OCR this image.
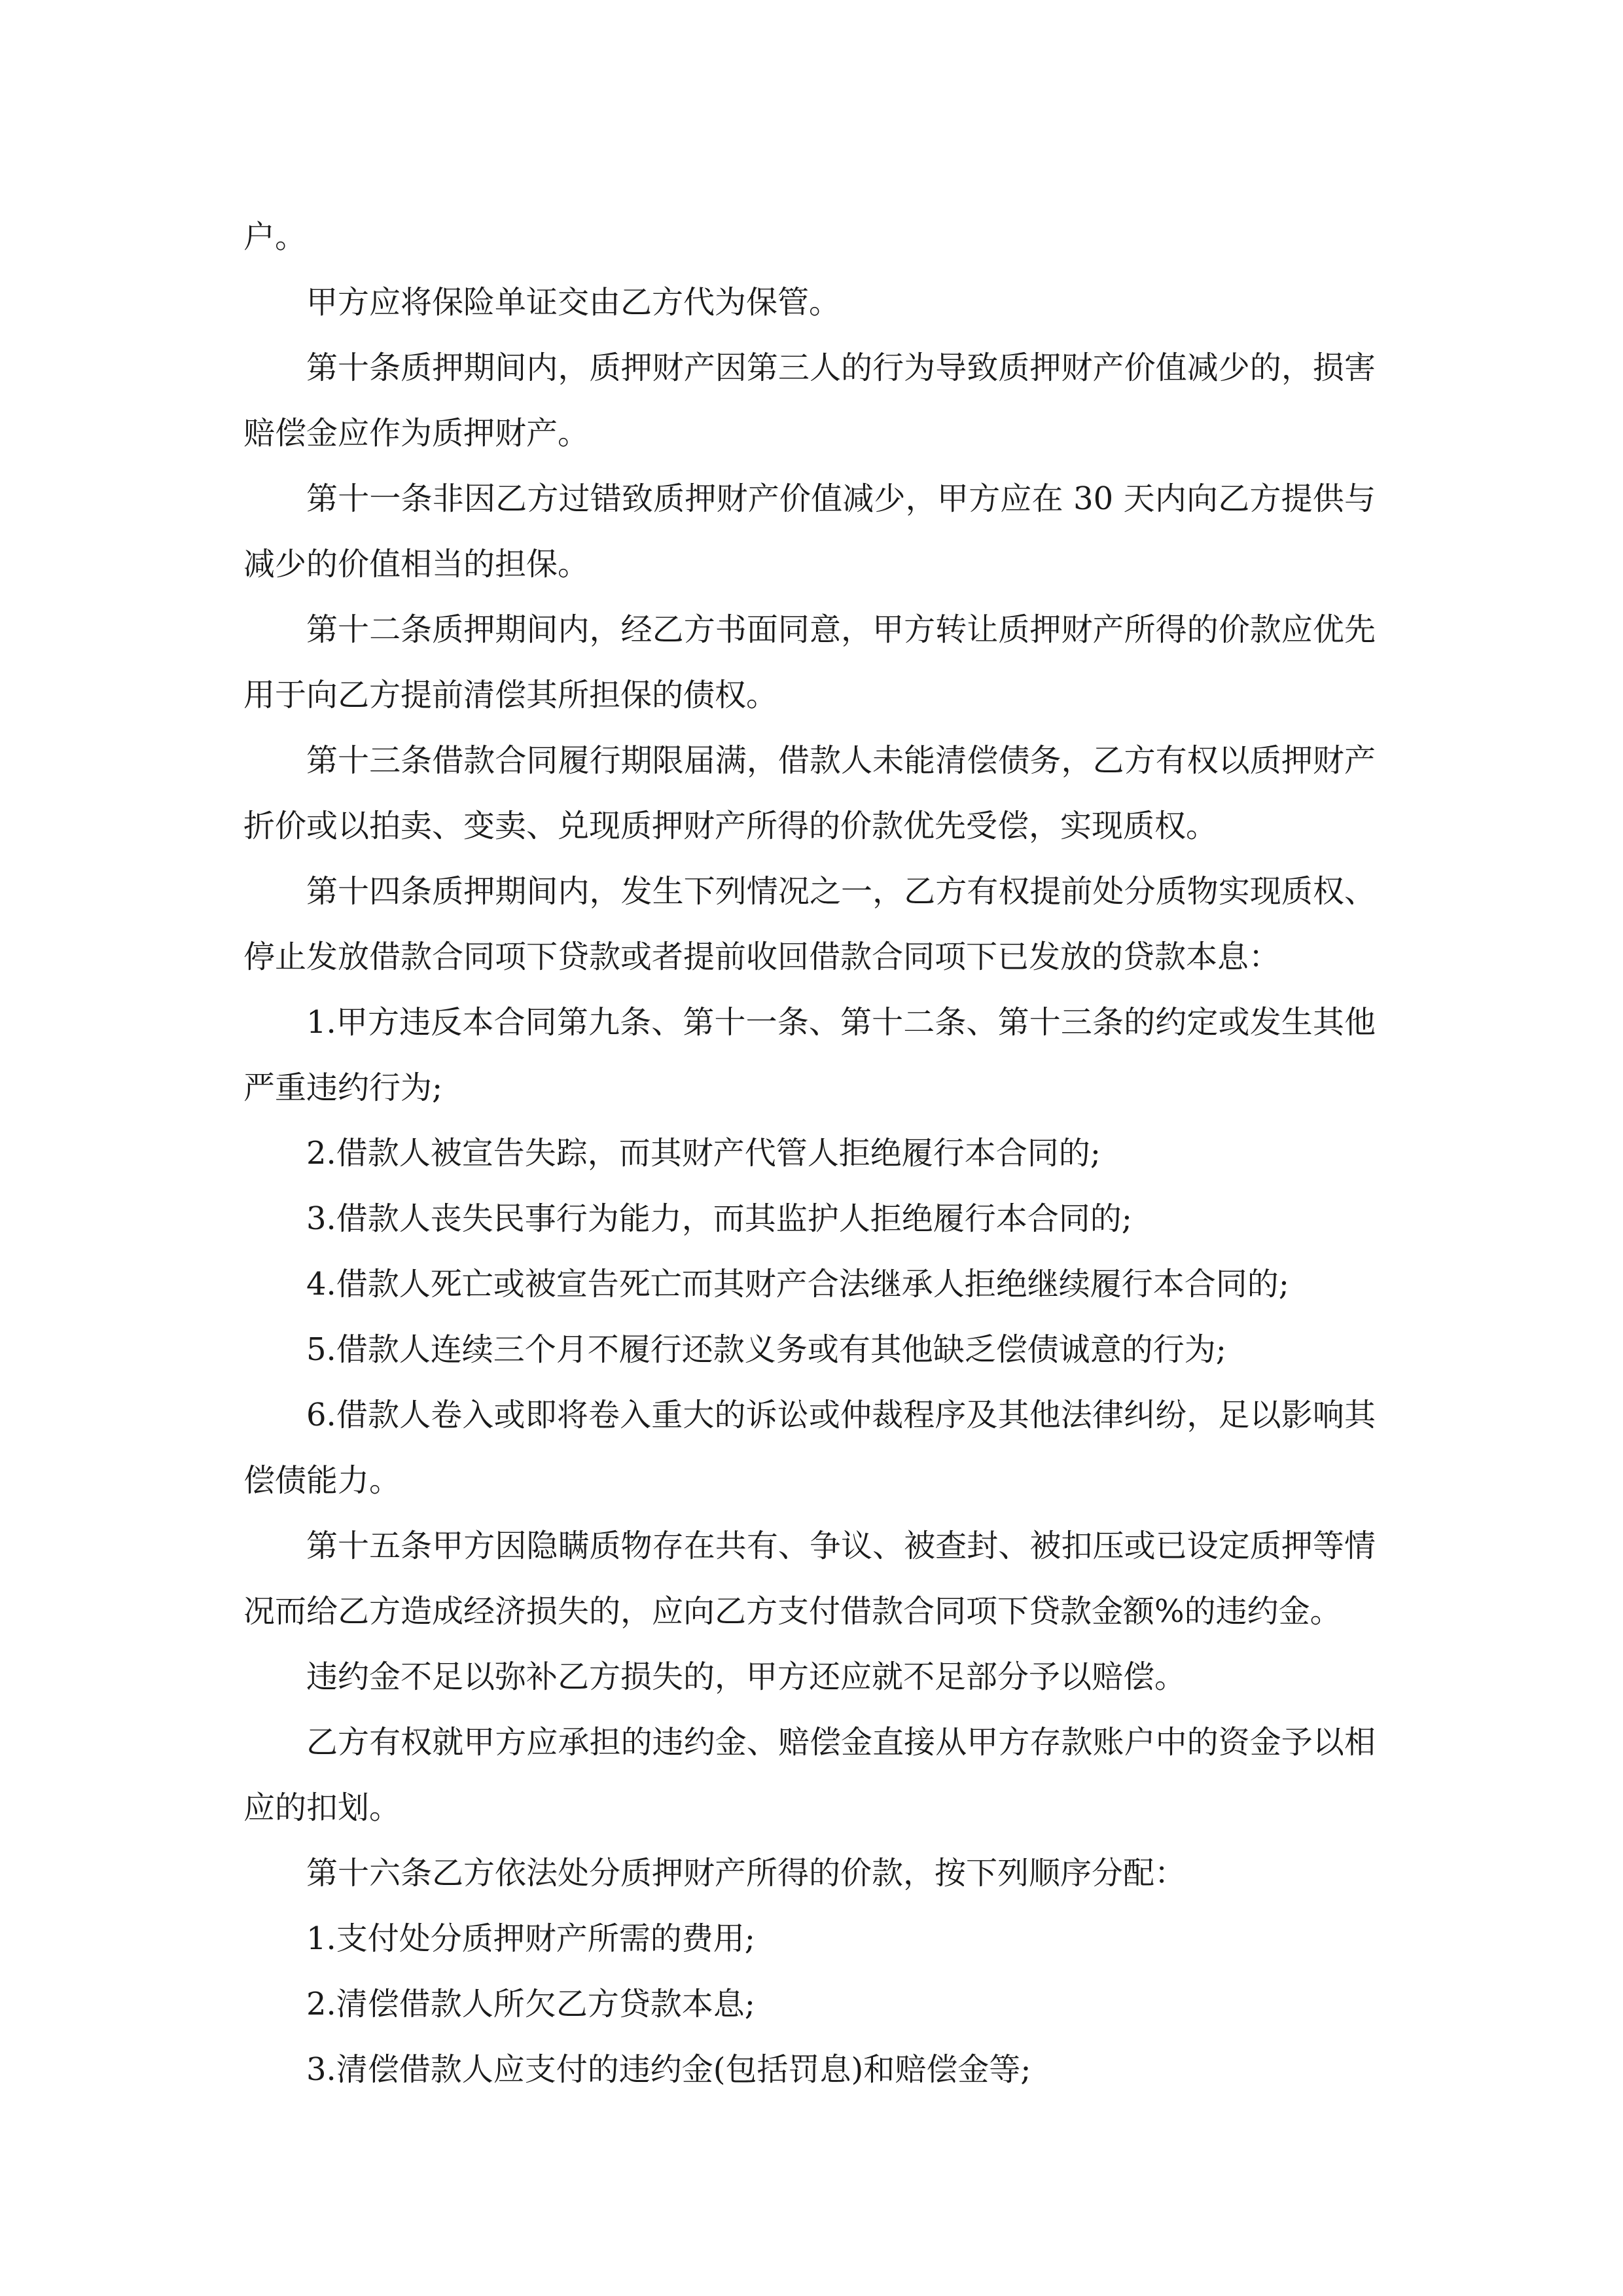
户。

甲方应将保险单证交由乙方代为保管。

第十条质押期间内，质押财产因第三人的行为导致质押财产价值减少的，损害赔偿金应作为质押财产。

第十一条非因乙方过错致质押财产价值减少，甲方应在 30 天内向乙方提供与减少的价值相当的担保。

第十二条质押期间内，经乙方书面同意，甲方转让质押财产所得的价款应优先用于向乙方提前清偿其所担保的债权。

第十三条借款合同履行期限届满，借款人未能清偿债务，乙方有权以质押财产折价或以拍卖、变卖、兑现质押财产所得的价款优先受偿，实现质权。

第十四条质押期间内，发生下列情况之一，乙方有权提前处分质物实现质权、停止发放借款合同项下贷款或者提前收回借款合同项下已发放的贷款本息：

1.甲方违反本合同第九条、第十一条、第十二条、第十三条的约定或发生其他严重违约行为;

2.借款人被宣告失踪，而其财产代管人拒绝履行本合同的;

3.借款人丧失民事行为能力，而其监护人拒绝履行本合同的;

4.借款人死亡或被宣告死亡而其财产合法继承人拒绝继续履行本合同的;

5.借款人连续三个月不履行还款义务或有其他缺乏偿债诚意的行为;

6.借款人卷入或即将卷入重大的诉讼或仲裁程序及其他法律纠纷，足以影响其偿债能力。

第十五条甲方因隐瞒质物存在共有、争议、被查封、被扣压或已设定质押等情况而给乙方造成经济损失的，应向乙方支付借款合同项下贷款金额%的违约金。

违约金不足以弥补乙方损失的，甲方还应就不足部分予以赔偿。

乙方有权就甲方应承担的违约金、赔偿金直接从甲方存款账户中的资金予以相应的扣划。

第十六条乙方依法处分质押财产所得的价款，按下列顺序分配：

1.支付处分质押财产所需的费用;

2.清偿借款人所欠乙方贷款本息;

3.清偿借款人应支付的违约金(包括罚息)和赔偿金等;
